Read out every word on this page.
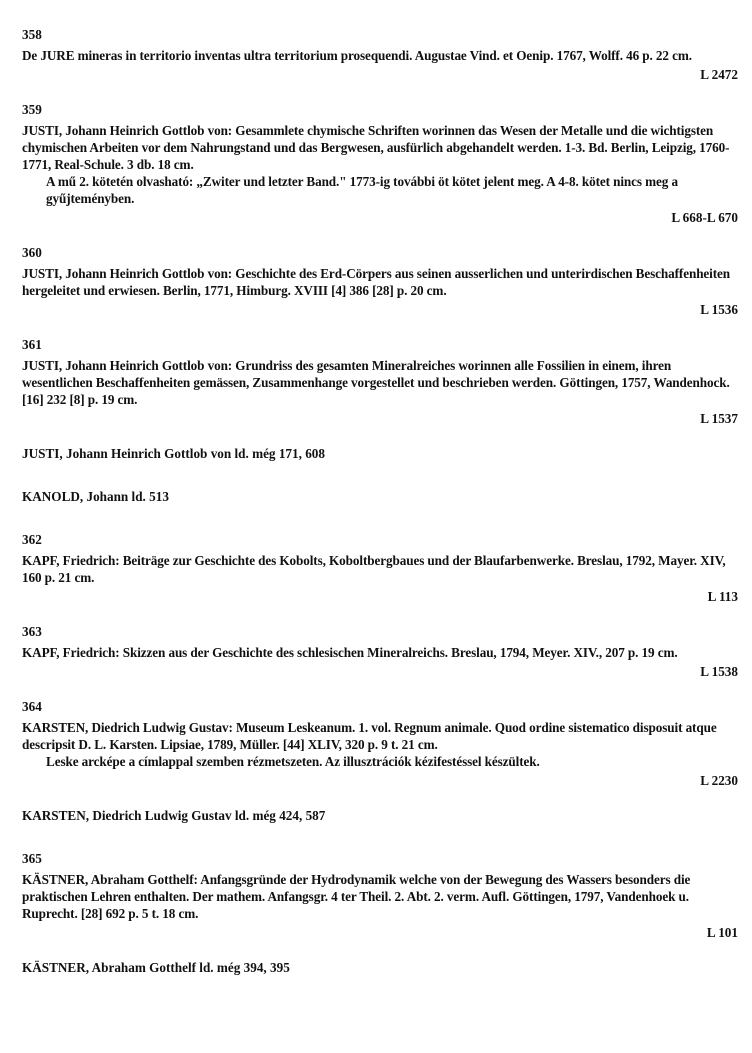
358
De JURE mineras in territorio inventas ultra territorium prosequendi. Augustae Vind. et Oenip. 1767, Wolff. 46 p. 22 cm.
L 2472
359
JUSTI, Johann Heinrich Gottlob von: Gesammlete chymische Schriften worinnen das Wesen der Metalle und die wichtigsten chymischen Arbeiten vor dem Nahrungstand und das Bergwesen, ausfürlich abgehandelt werden. 1-3. Bd. Berlin, Leipzig, 1760-1771, Real-Schule. 3 db. 18 cm.
A mű 2. kötetén olvasható: „Zwiter und letzter Band." 1773-ig további öt kötet jelent meg. A 4-8. kötet nincs meg a gyűjteményben.
L 668-L 670
360
JUSTI, Johann Heinrich Gottlob von: Geschichte des Erd-Cörpers aus seinen ausserlichen und unterirdischen Beschaffenheiten hergeleitet und erwiesen. Berlin, 1771, Himburg. XVIII [4] 386 [28] p. 20 cm.
L 1536
361
JUSTI, Johann Heinrich Gottlob von: Grundriss des gesamten Mineralreiches worinnen alle Fossilien in einem, ihren wesentlichen Beschaffenheiten gemässen, Zusammenhange vorgestellet und beschrieben werden. Göttingen, 1757, Wandenhock. [16] 232 [8] p. 19 cm.
L 1537
JUSTI, Johann Heinrich Gottlob von ld. még 171, 608
KANOLD, Johann ld. 513
362
KAPF, Friedrich: Beiträge zur Geschichte des Kobolts, Koboltbergbaues und der Blaufarbenwerke. Breslau, 1792, Mayer. XIV, 160 p. 21 cm.
L 113
363
KAPF, Friedrich: Skizzen aus der Geschichte des schlesischen Mineralreichs. Breslau, 1794, Meyer. XIV., 207 p. 19 cm.
L 1538
364
KARSTEN, Diedrich Ludwig Gustav: Museum Leskeanum. 1. vol. Regnum animale. Quod ordine sistematico disposuit atque descripsit D. L. Karsten. Lipsiae, 1789, Müller. [44] XLIV, 320 p. 9 t. 21 cm.
Leske arcképe a címlappal szemben rézmetszeten. Az illusztrációk kézifestéssel készültek.
L 2230
KARSTEN, Diedrich Ludwig Gustav ld. még 424, 587
365
KÄSTNER, Abraham Gotthelf: Anfangsgründe der Hydrodynamik welche von der Bewegung des Wassers besonders die praktischen Lehren enthalten. Der mathem. Anfangsgr. 4 ter Theil. 2. Abt. 2. verm. Aufl. Göttingen, 1797, Vandenhoek u. Ruprecht. [28] 692 p. 5 t. 18 cm.
L 101
KÄSTNER, Abraham Gotthelf ld. még 394, 395
